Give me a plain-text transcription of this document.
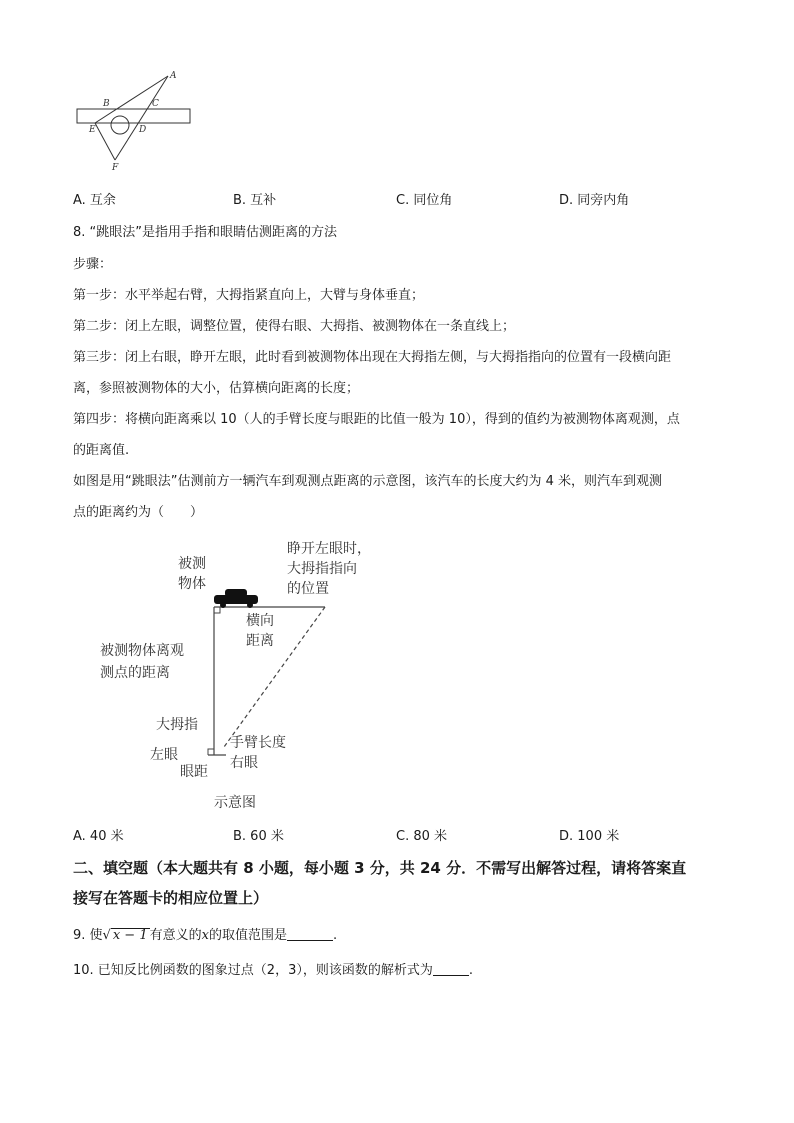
A
B	C
E	D
F
A. 互余	B. 互补	C. 同位角	D. 同旁内角
8. “跳眼法”是指用手指和眼睛估测距离的方法
步骤：
第一步：水平举起右臂，大拇指紧直向上，大臂与身体垂直；
第二步：闭上左眼，调整位置，使得右眼、大拇指、被测物体在一条直线上；
第三步：闭上右眼，睁开左眼，此时看到被测物体出现在大拇指左侧，与大拇指指向的位置有一段横向距
离，参照被测物体的大小，估算横向距离的长度；
第四步：将横向距离乘以 10（人的手臂长度与眼距的比值一般为 10），得到的值约为被测物体离观测，点
的距离值.
如图是用“跳眼法”估测前方一辆汽车到观测点距离的示意图，该汽车的长度大约为 4 米，则汽车到观测
点的距离约为（　　）
被测
物体
睁开左眼时，
大拇指指向
的位置
横向
距离
被测物体离观
测点的距离
大拇指
手臂长度
左眼	右眼
眼距
示意图
A. 40 米	B. 60 米	C. 80 米	D. 100 米
二、填空题（本大题共有 8 小题，每小题 3 分，共 24 分．不需写出解答过程，请将答案直
接写在答题卡的相应位置上）
9. 使√ x − 1 有意义的x的取值范围是	.
10. 已知反比例函数的图象过点（2，3），则该函数的解析式为	.
